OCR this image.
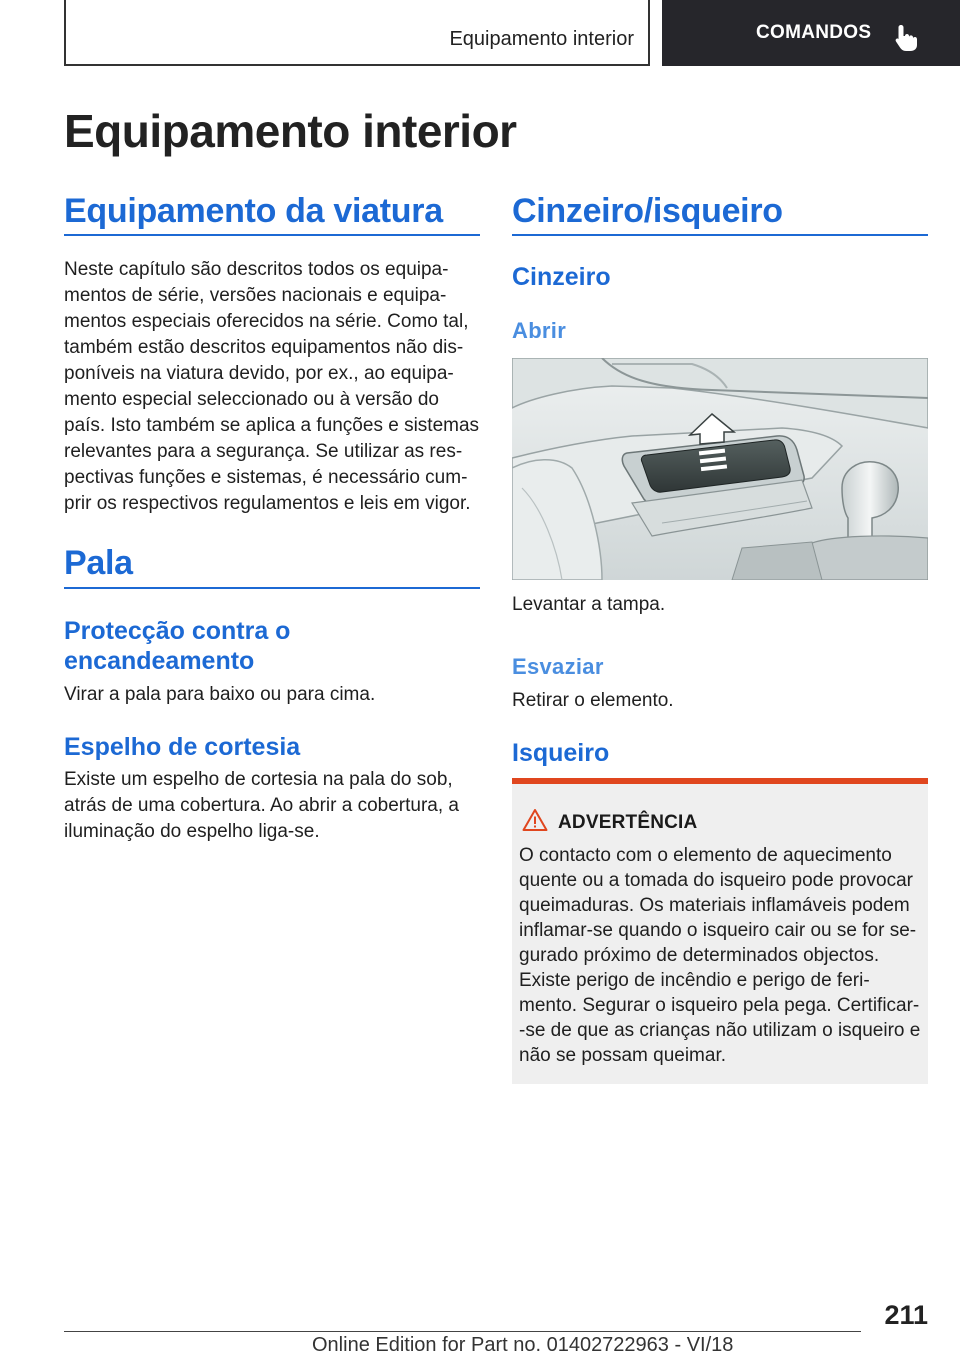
Equipamento interior	COMANDOS
Equipamento interior
Equipamento da viatura
Neste capítulo são descritos todos os equipa-
mentos de série, versões nacionais e equipa-
mentos especiais oferecidos na série. Como tal,
também estão descritos equipamentos não dis-
poníveis na viatura devido, por ex., ao equipa-
mento especial seleccionado ou à versão do
país. Isto também se aplica a funções e sistemas
relevantes para a segurança. Se utilizar as res-
pectivas funções e sistemas, é necessário cum-
prir os respectivos regulamentos e leis em vigor.
Pala
Protecção contra o encandeamento
Virar a pala para baixo ou para cima.
Espelho de cortesia
Existe um espelho de cortesia na pala do sob,
atrás de uma cobertura. Ao abrir a cobertura, a
iluminação do espelho liga-se.
Cinzeiro/isqueiro
Cinzeiro
Abrir
Levantar a tampa.
Esvaziar
Retirar o elemento.
Isqueiro
ADVERTÊNCIA
O contacto com o elemento de aquecimento
quente ou a tomada do isqueiro pode provocar
queimaduras. Os materiais inflamáveis podem
inflamar-se quando o isqueiro cair ou se for se-
gurado próximo de determinados objectos.
Existe perigo de incêndio e perigo de feri-
mento. Segurar o isqueiro pela pega. Certificar-
-se de que as crianças não utilizam o isqueiro e
não se possam queimar.
211
Online Edition for Part no. 01402722963 - VI/18
